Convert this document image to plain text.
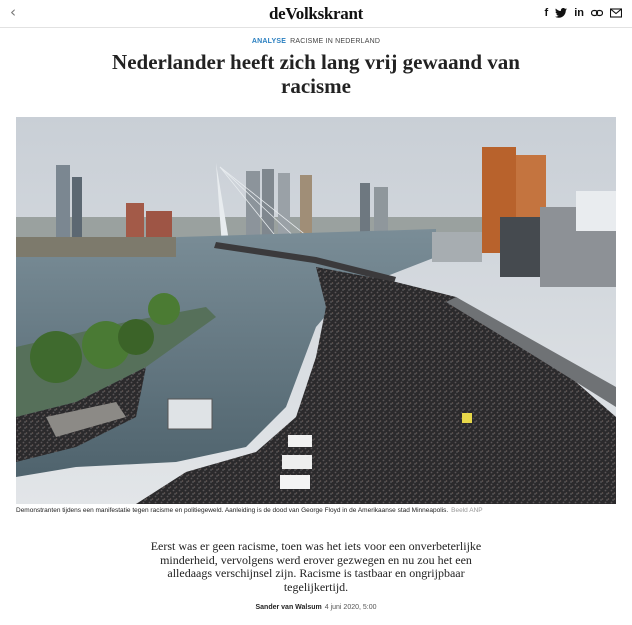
‹	deVolkskrant	f in
ANALYSE RACISME IN NEDERLAND
Nederlander heeft zich lang vrij gewaand van racisme
Demonstranten tijdens een manifestatie tegen racisme en politiegeweld. Aanleiding is de dood van George Floyd in de Amerikaanse stad Minneapolis. Beeld ANP

Eerst was er geen racisme, toen was het iets voor een onverbeterlijke minderheid, vervolgens werd erover gezwegen en nu zou het een alledaags verschijnsel zijn. Racisme is tastbaar en ongrijpbaar tegelijkertijd.

Sander van Walsum 4 juni 2020, 5:00
